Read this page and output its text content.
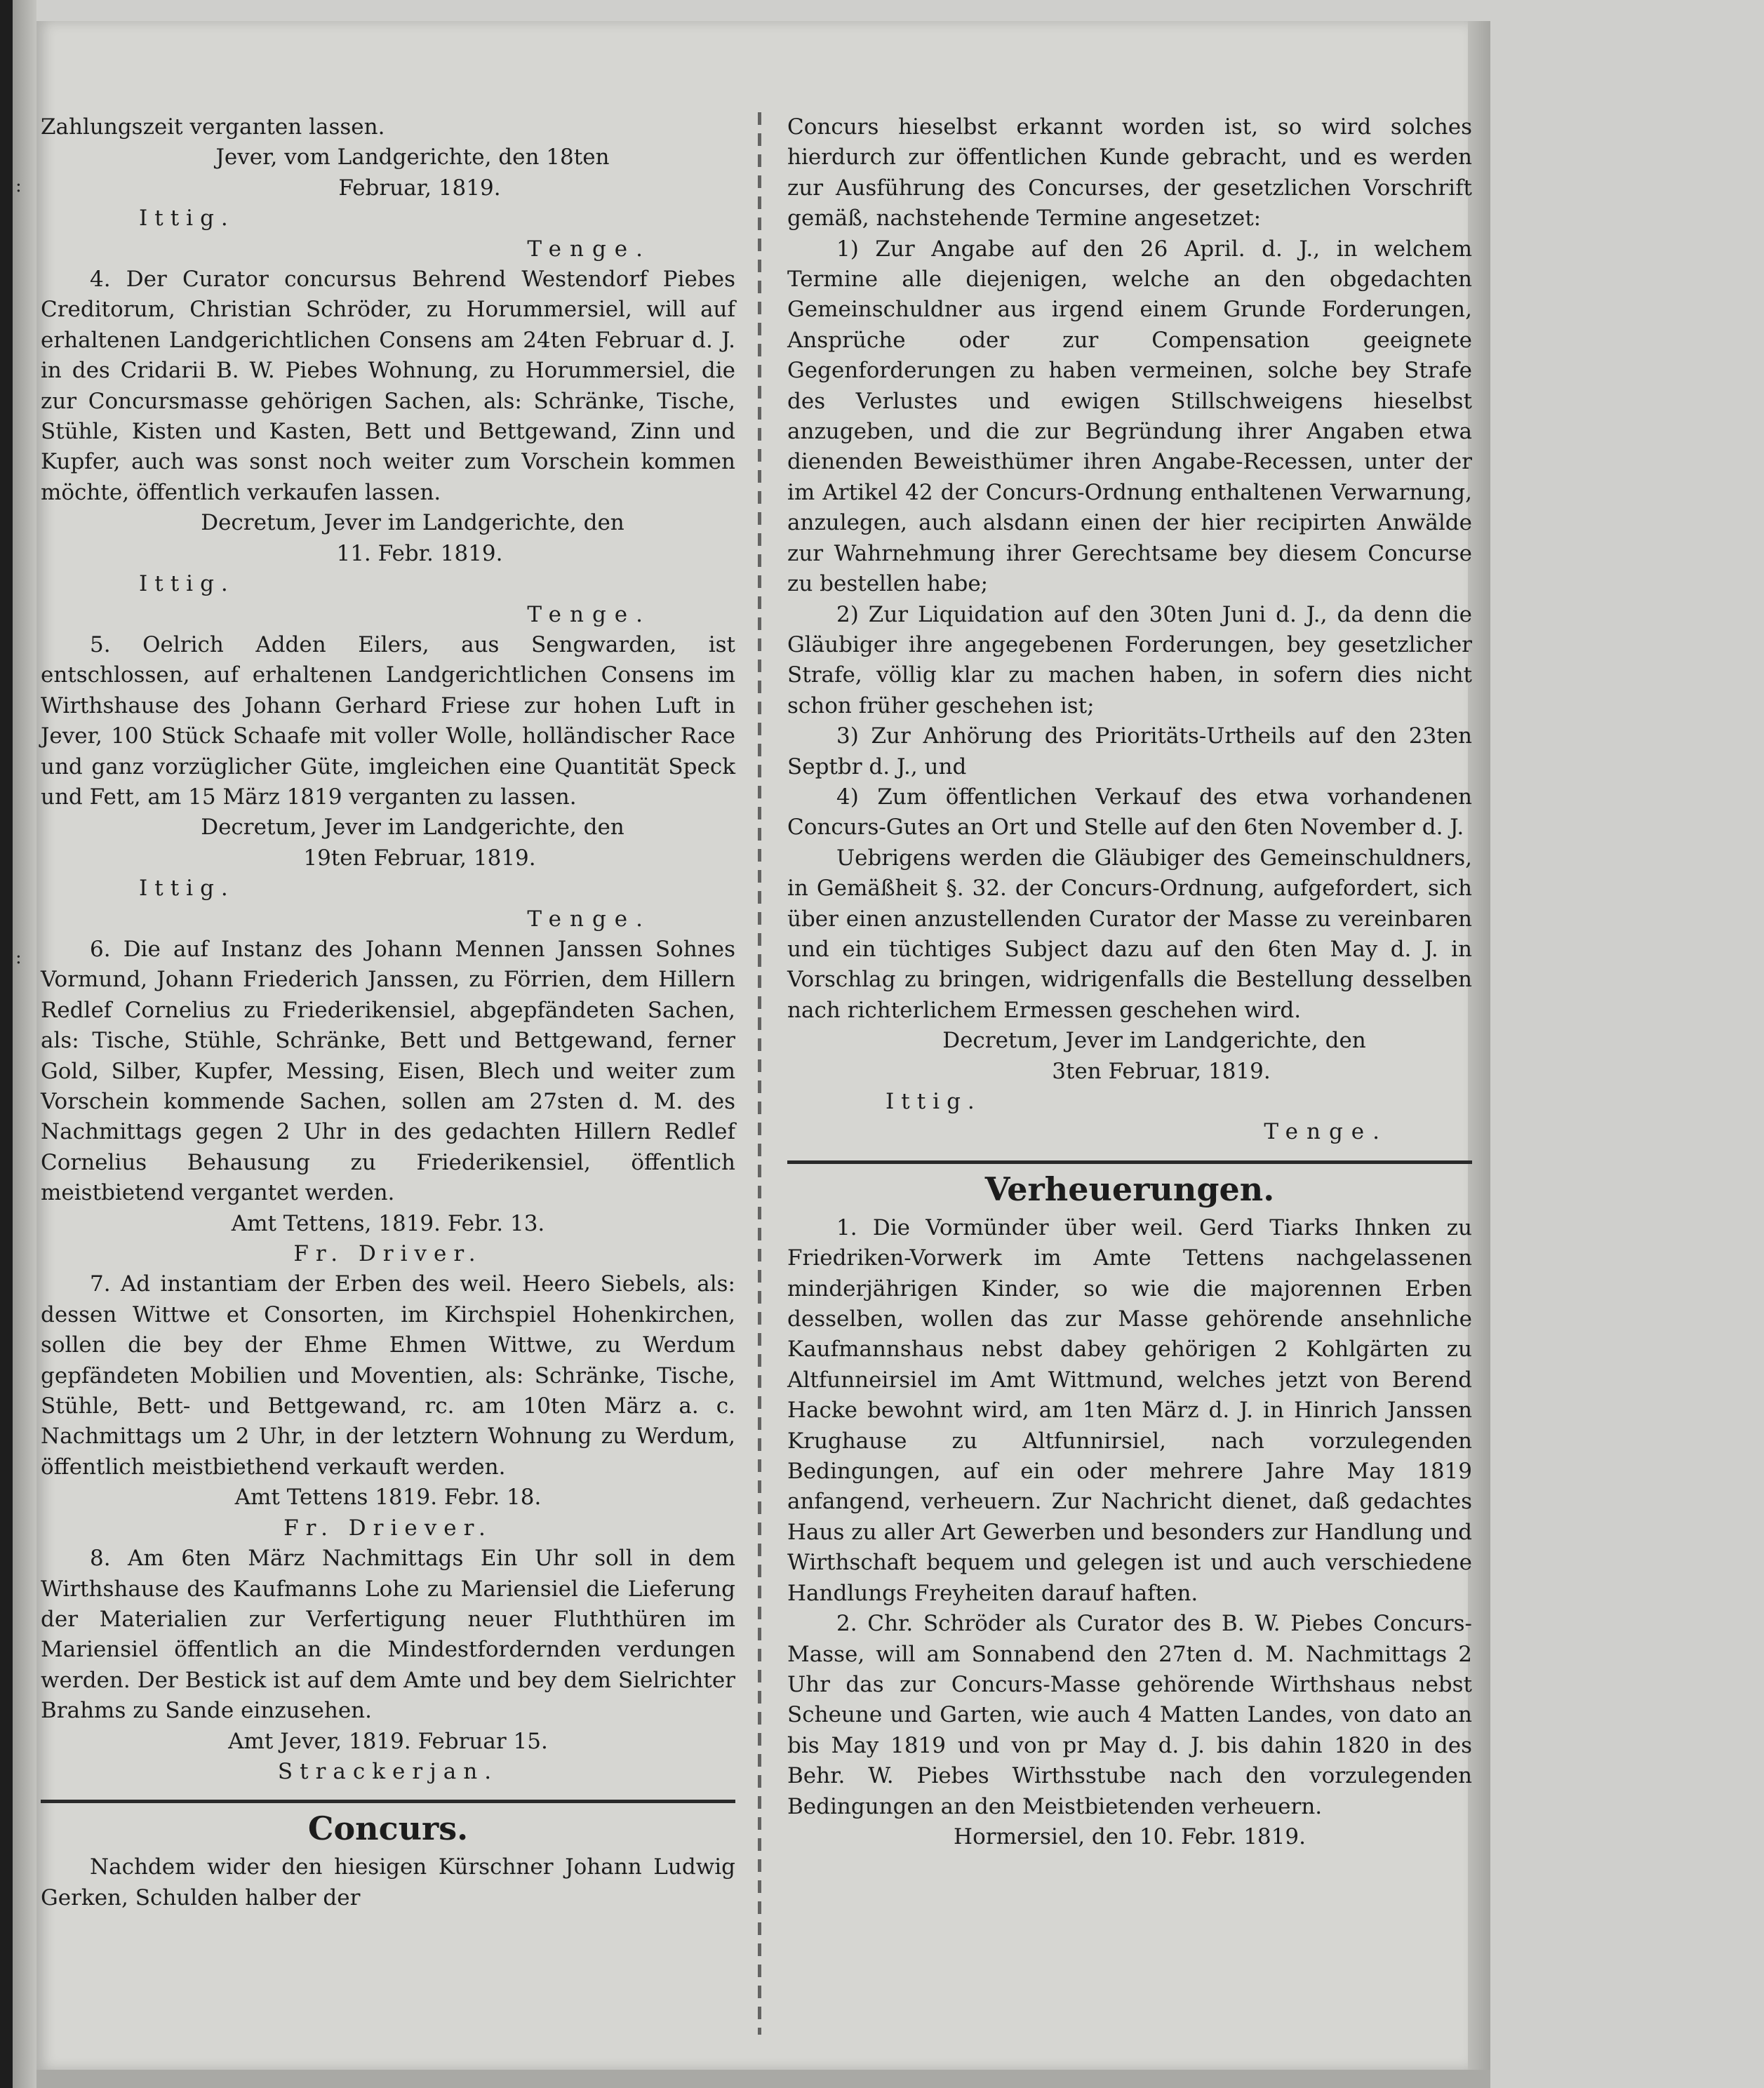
:
:

Zahlungszeit verganten lassen.

Jever, vom Landgerichte, den 18ten

Februar, 1819.

Ittig.

Tenge.

4. Der Curator concursus Behrend Westendorf Piebes Creditorum, Christian Schröder, zu Horummersiel, will auf erhaltenen Landgerichtlichen Consens am 24ten Februar d. J. in des Cridarii B. W. Piebes Wohnung, zu Horummersiel, die zur Concursmasse gehörigen Sachen, als: Schränke, Tische, Stühle, Kisten und Kasten, Bett und Bettgewand, Zinn und Kupfer, auch was sonst noch weiter zum Vorschein kommen möchte, öffentlich verkaufen lassen.

Decretum, Jever im Landgerichte, den

11. Febr. 1819.

Ittig.

Tenge.

5. Oelrich Adden Eilers, aus Sengwarden, ist entschlossen, auf erhaltenen Landgerichtlichen Consens im Wirthshause des Johann Gerhard Friese zur hohen Luft in Jever, 100 Stück Schaafe mit voller Wolle, holländischer Race und ganz vorzüglicher Güte, imgleichen eine Quantität Speck und Fett, am 15 März 1819 verganten zu lassen.

Decretum, Jever im Landgerichte, den

19ten Februar, 1819.

Ittig.

Tenge.

6. Die auf Instanz des Johann Mennen Janssen Sohnes Vormund, Johann Friederich Janssen, zu Förrien, dem Hillern Redlef Cornelius zu Friederikensiel, abgepfändeten Sachen, als: Tische, Stühle, Schränke, Bett und Bettgewand, ferner Gold, Silber, Kupfer, Messing, Eisen, Blech und weiter zum Vorschein kommende Sachen, sollen am 27sten d. M. des Nachmittags gegen 2 Uhr in des gedachten Hillern Redlef Cornelius Behausung zu Friederikensiel, öffentlich meistbietend vergantet werden.

Amt Tettens, 1819. Febr. 13.

Fr. Driver.

7. Ad instantiam der Erben des weil. Heero Siebels, als: dessen Wittwe et Consorten, im Kirchspiel Hohenkirchen, sollen die bey der Ehme Ehmen Wittwe, zu Werdum gepfändeten Mobilien und Moventien, als: Schränke, Tische, Stühle, Bett- und Bettgewand, rc. am 10ten März a. c. Nachmittags um 2 Uhr, in der letztern Wohnung zu Werdum, öffentlich meistbiethend verkauft werden.

Amt Tettens 1819. Febr. 18.

Fr. Driever.

8. Am 6ten März Nachmittags Ein Uhr soll in dem Wirthshause des Kaufmanns Lohe zu Mariensiel die Lieferung der Materialien zur Verfertigung neuer Fluththüren im Mariensiel öffentlich an die Mindestfordernden verdungen werden. Der Bestick ist auf dem Amte und bey dem Sielrichter Brahms zu Sande einzusehen.

Amt Jever, 1819. Februar 15.

Strackerjan.

Concurs.

Nachdem wider den hiesigen Kürschner Johann Ludwig Gerken, Schulden halber der

Concurs hieselbst erkannt worden ist, so wird solches hierdurch zur öffentlichen Kunde gebracht, und es werden zur Ausführung des Concurses, der gesetzlichen Vorschrift gemäß, nachstehende Termine angesetzet:

1) Zur Angabe auf den 26 April. d. J., in welchem Termine alle diejenigen, welche an den obgedachten Gemeinschuldner aus irgend einem Grunde Forderungen, Ansprüche oder zur Compensation geeignete Gegenforderungen zu haben vermeinen, solche bey Strafe des Verlustes und ewigen Stillschweigens hieselbst anzugeben, und die zur Begründung ihrer Angaben etwa dienenden Beweisthümer ihren Angabe-Recessen, unter der im Artikel 42 der Concurs-Ordnung enthaltenen Verwarnung, anzulegen, auch alsdann einen der hier recipirten Anwälde zur Wahrnehmung ihrer Gerechtsame bey diesem Concurse zu bestellen habe;

2) Zur Liquidation auf den 30ten Juni d. J., da denn die Gläubiger ihre angegebenen Forderungen, bey gesetzlicher Strafe, völlig klar zu machen haben, in sofern dies nicht schon früher geschehen ist;

3) Zur Anhörung des Prioritäts-Urtheils auf den 23ten Septbr d. J., und

4) Zum öffentlichen Verkauf des etwa vorhandenen Concurs-Gutes an Ort und Stelle auf den 6ten November d. J.

Uebrigens werden die Gläubiger des Gemeinschuldners, in Gemäßheit §. 32. der Concurs-Ordnung, aufgefordert, sich über einen anzustellenden Curator der Masse zu vereinbaren und ein tüchtiges Subject dazu auf den 6ten May d. J. in Vorschlag zu bringen, widrigenfalls die Bestellung desselben nach richterlichem Ermessen geschehen wird.

Decretum, Jever im Landgerichte, den

3ten Februar, 1819.

Ittig.

Tenge.

Verheuerungen.

1. Die Vormünder über weil. Gerd Tiarks Ihnken zu Friedriken-Vorwerk im Amte Tettens nachgelassenen minderjährigen Kinder, so wie die majorennen Erben desselben, wollen das zur Masse gehörende ansehnliche Kaufmannshaus nebst dabey gehörigen 2 Kohlgärten zu Altfunneirsiel im Amt Wittmund, welches jetzt von Berend Hacke bewohnt wird, am 1ten März d. J. in Hinrich Janssen Krughause zu Altfunnirsiel, nach vorzulegenden Bedingungen, auf ein oder mehrere Jahre May 1819 anfangend, verheuern. Zur Nachricht dienet, daß gedachtes Haus zu aller Art Gewerben und besonders zur Handlung und Wirthschaft bequem und gelegen ist und auch verschiedene Handlungs Freyheiten darauf haften.

2. Chr. Schröder als Curator des B. W. Piebes Concurs-Masse, will am Sonnabend den 27ten d. M. Nachmittags 2 Uhr das zur Concurs-Masse gehörende Wirthshaus nebst Scheune und Garten, wie auch 4 Matten Landes, von dato an bis May 1819 und von pr May d. J. bis dahin 1820 in des Behr. W. Piebes Wirthsstube nach den vorzulegenden Bedingungen an den Meistbietenden verheuern.

Hormersiel, den 10. Febr. 1819.
